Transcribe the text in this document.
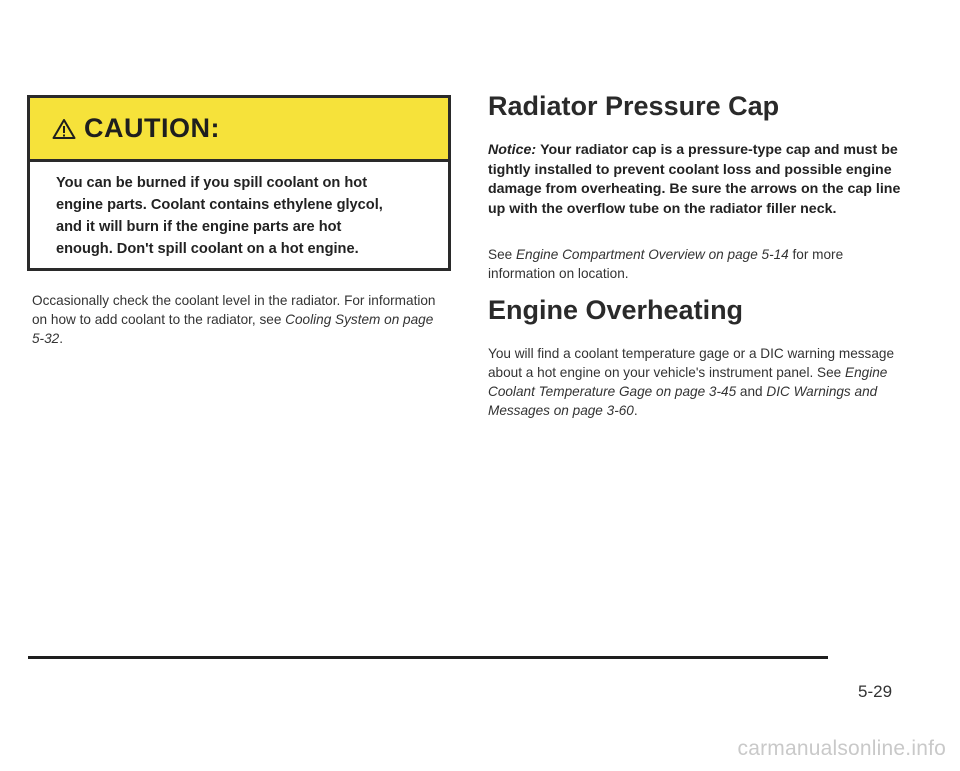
CAUTION:
You can be burned if you spill coolant on hot
engine parts. Coolant contains ethylene glycol,
and it will burn if the engine parts are hot
enough. Don't spill coolant on a hot engine.
Occasionally check the coolant level in the radiator. For information on how to add coolant to the radiator, see Cooling System on page 5-32.
Radiator Pressure Cap
Notice: Your radiator cap is a pressure-type cap and must be tightly installed to prevent coolant loss and possible engine damage from overheating. Be sure the arrows on the cap line up with the overflow tube on the radiator filler neck.
See Engine Compartment Overview on page 5-14 for more information on location.
Engine Overheating
You will find a coolant temperature gage or a DIC warning message about a hot engine on your vehicle's instrument panel. See Engine Coolant Temperature Gage on page 3-45 and DIC Warnings and Messages on page 3-60.
5-29
carmanualsonline.info
